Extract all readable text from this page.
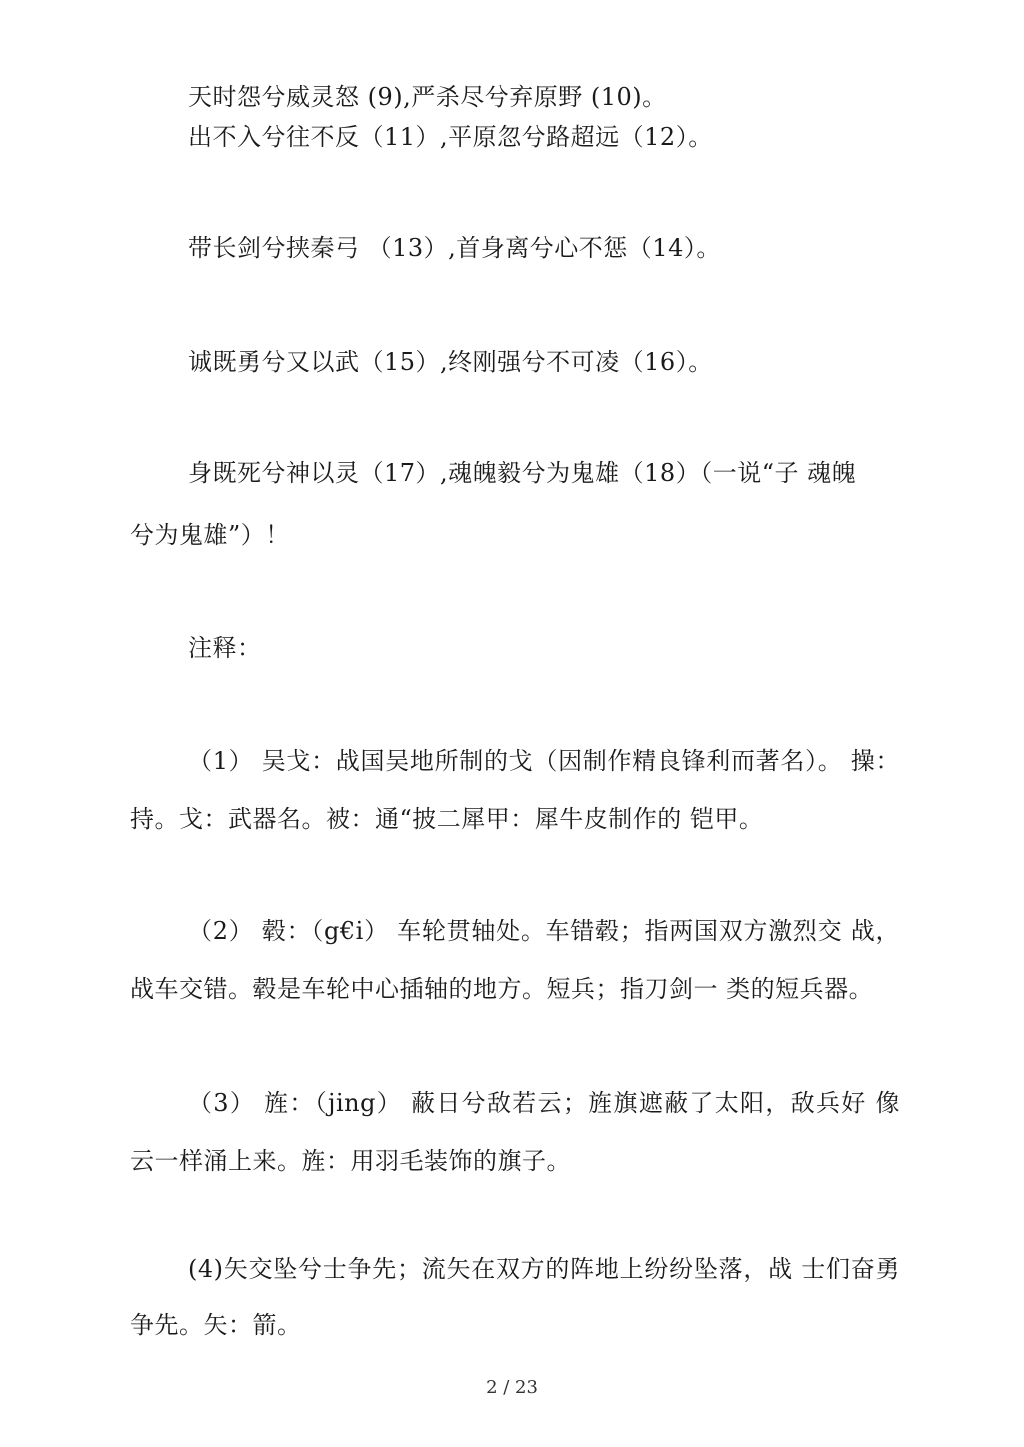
天时怨兮威灵怒 (9),严杀尽兮弃原野 (10)。
出不入兮往不反（11）,平原忽兮路超远（12）。
带长剑兮挟秦弓 （13）,首身离兮心不惩（14）。
诚既勇兮又以武（15）,终刚强兮不可凌（16）。
身既死兮神以灵（17）,魂魄毅兮为鬼雄（18）（一说“子 魂魄
兮为鬼雄”）！
注释：
（1） 吴戈：战国吴地所制的戈（因制作精良锋利而著名）。 操：
持。戈：武器名。被：通“披二犀甲：犀牛皮制作的 铠甲。
（2） 毂：（g€i） 车轮贯轴处。车错毂；指两国双方激烈交 战，
战车交错。毂是车轮中心插轴的地方。短兵；指刀剑一 类的短兵器。
（3） 旌：（jing） 蔽日兮敌若云；旌旗遮蔽了太阳，敌兵好 像
云一样涌上来。旌：用羽毛装饰的旗子。
(4)矢交坠兮士争先；流矢在双方的阵地上纷纷坠落，战 士们奋勇
争先。矢：箭。
2 / 23
